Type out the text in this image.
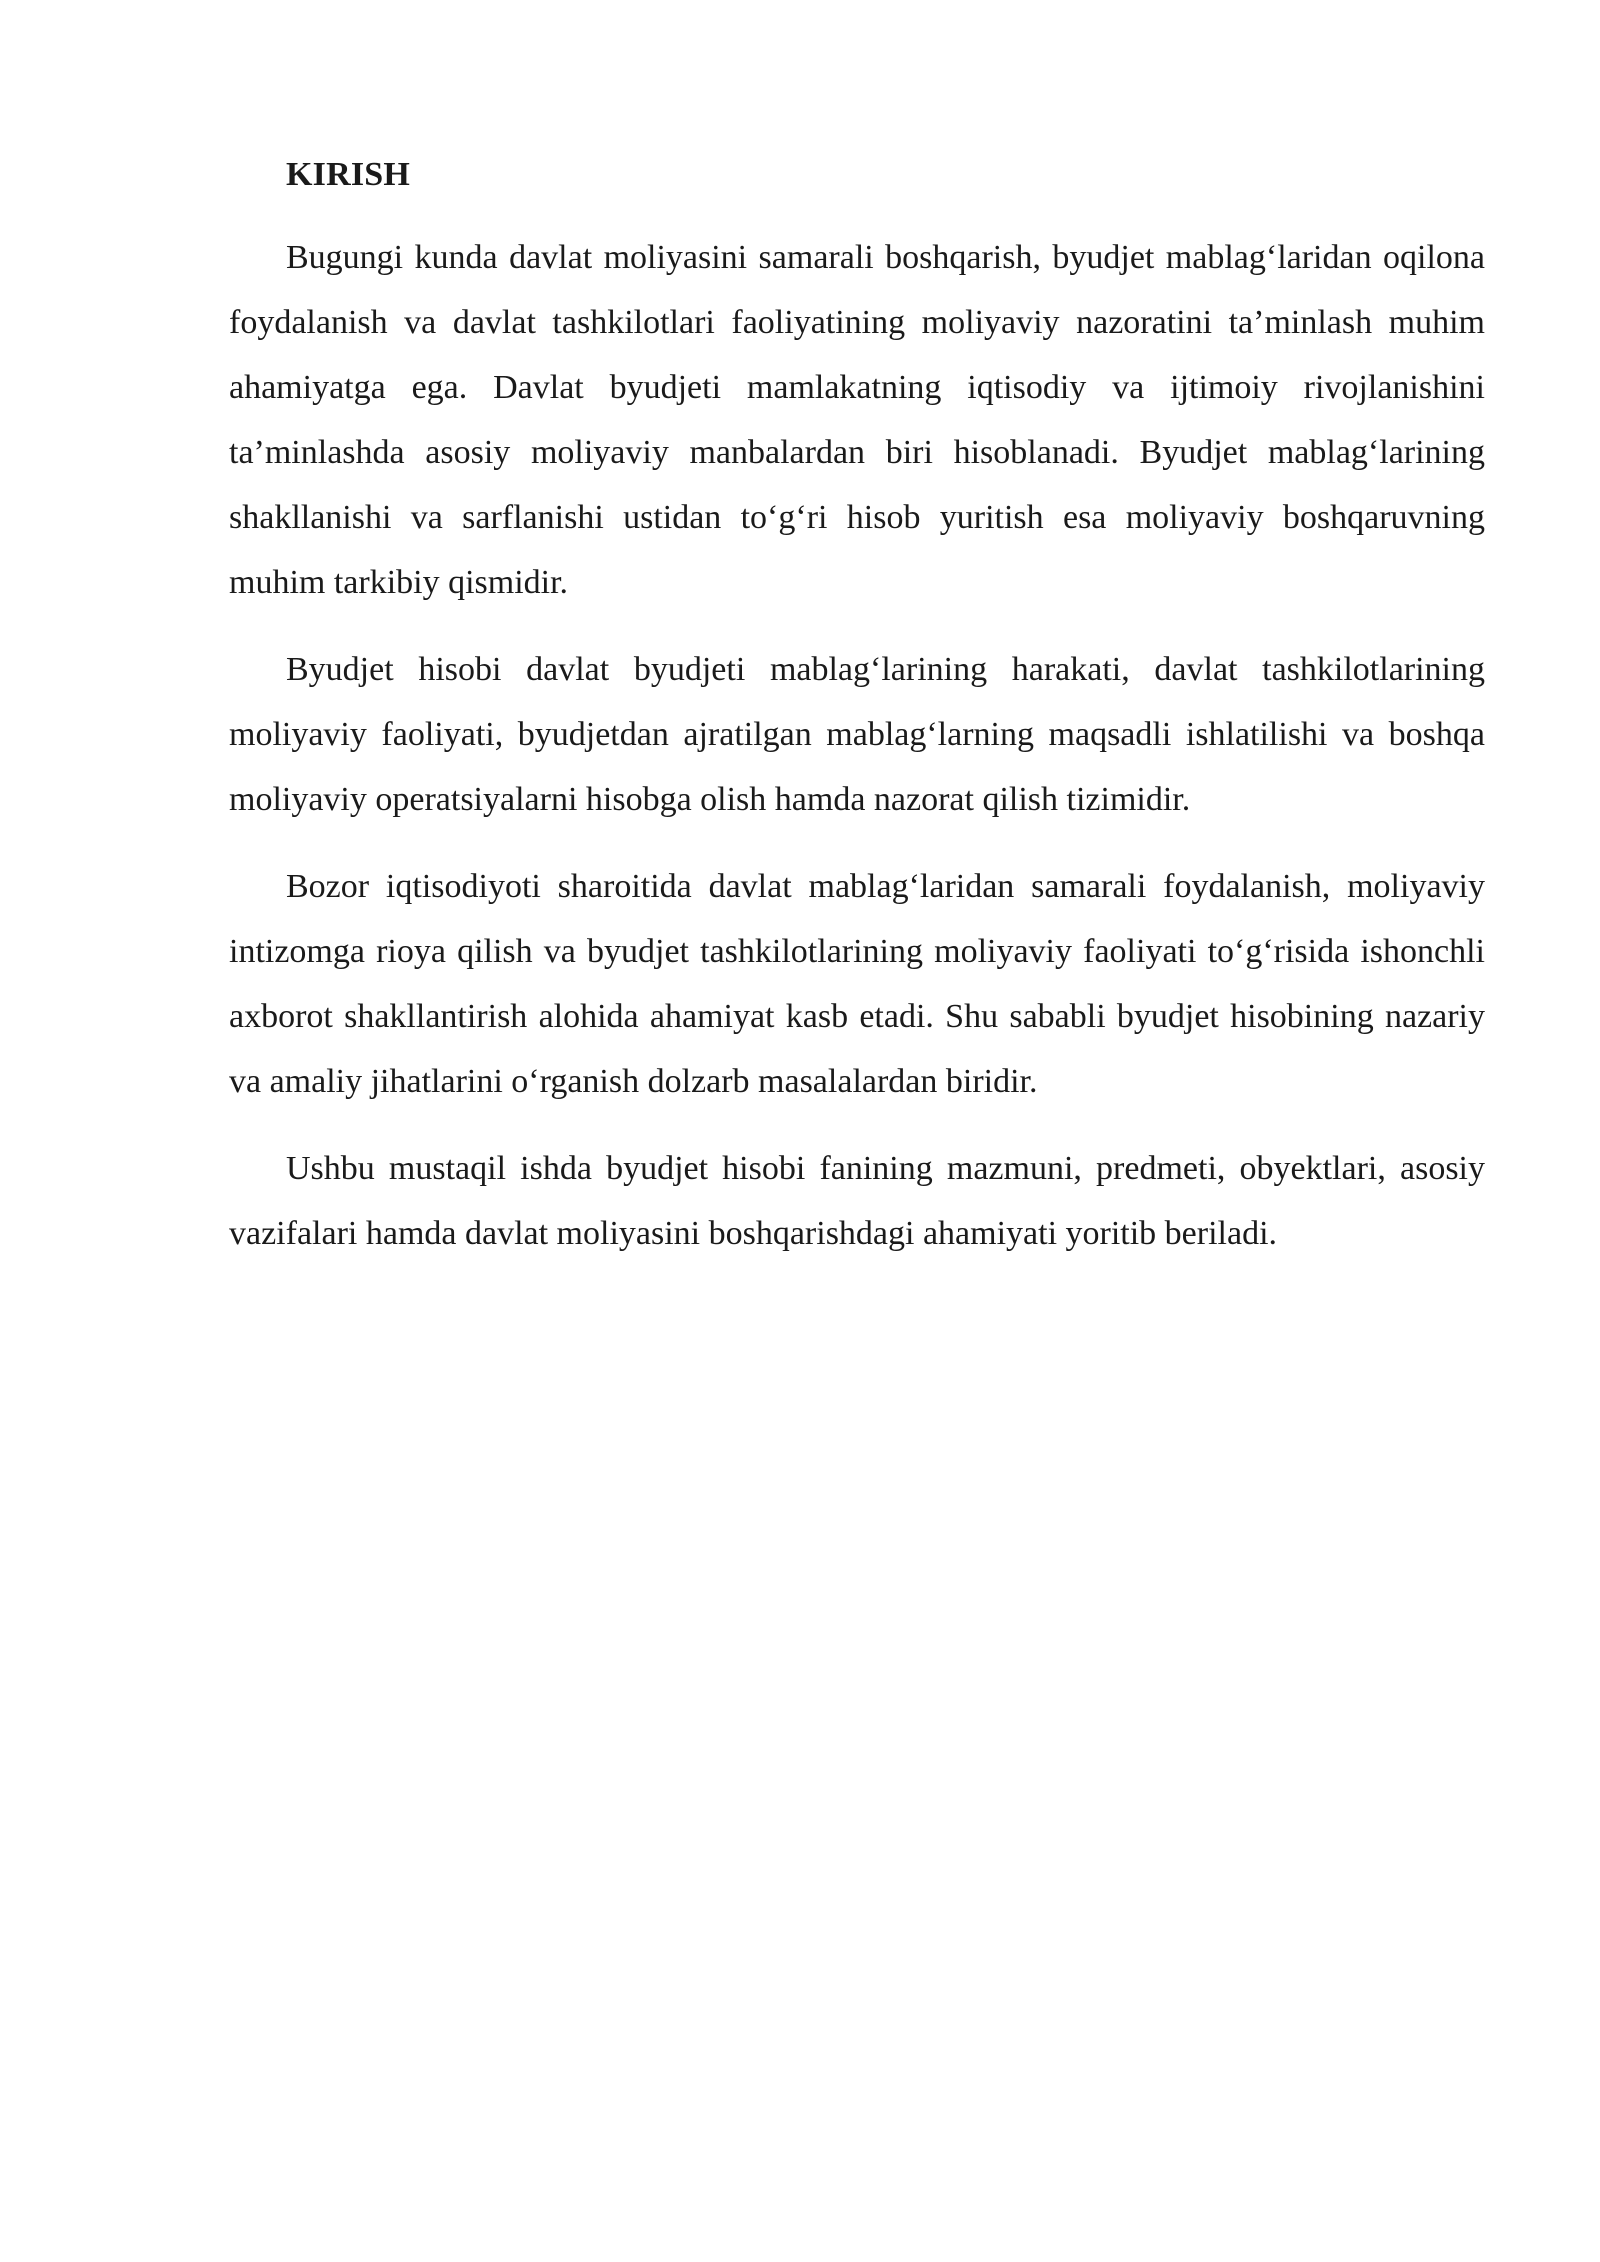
KIRISH

Bugungi kunda davlat moliyasini samarali boshqarish, byudjet mablag‘laridan oqilona foydalanish va davlat tashkilotlari faoliyatining moliyaviy nazoratini ta’minlash muhim ahamiyatga ega. Davlat byudjeti mamlakatning iqtisodiy va ijtimoiy rivojlanishini ta’minlashda asosiy moliyaviy manbalardan biri hisoblanadi. Byudjet mablag‘larining shakllanishi va sarflanishi ustidan to‘g‘ri hisob yuritish esa moliyaviy boshqaruvning muhim tarkibiy qismidir.

Byudjet hisobi davlat byudjeti mablag‘larining harakati, davlat tashkilotlarining moliyaviy faoliyati, byudjetdan ajratilgan mablag‘larning maqsadli ishlatilishi va boshqa moliyaviy operatsiyalarni hisobga olish hamda nazorat qilish tizimidir.

Bozor iqtisodiyoti sharoitida davlat mablag‘laridan samarali foydalanish, moliyaviy intizomga rioya qilish va byudjet tashkilotlarining moliyaviy faoliyati to‘g‘risida ishonchli axborot shakllantirish alohida ahamiyat kasb etadi. Shu sababli byudjet hisobining nazariy va amaliy jihatlarini o‘rganish dolzarb masalalardan biridir.

Ushbu mustaqil ishda byudjet hisobi fanining mazmuni, predmeti, obyektlari, asosiy vazifalari hamda davlat moliyasini boshqarishdagi ahamiyati yoritib beriladi.
